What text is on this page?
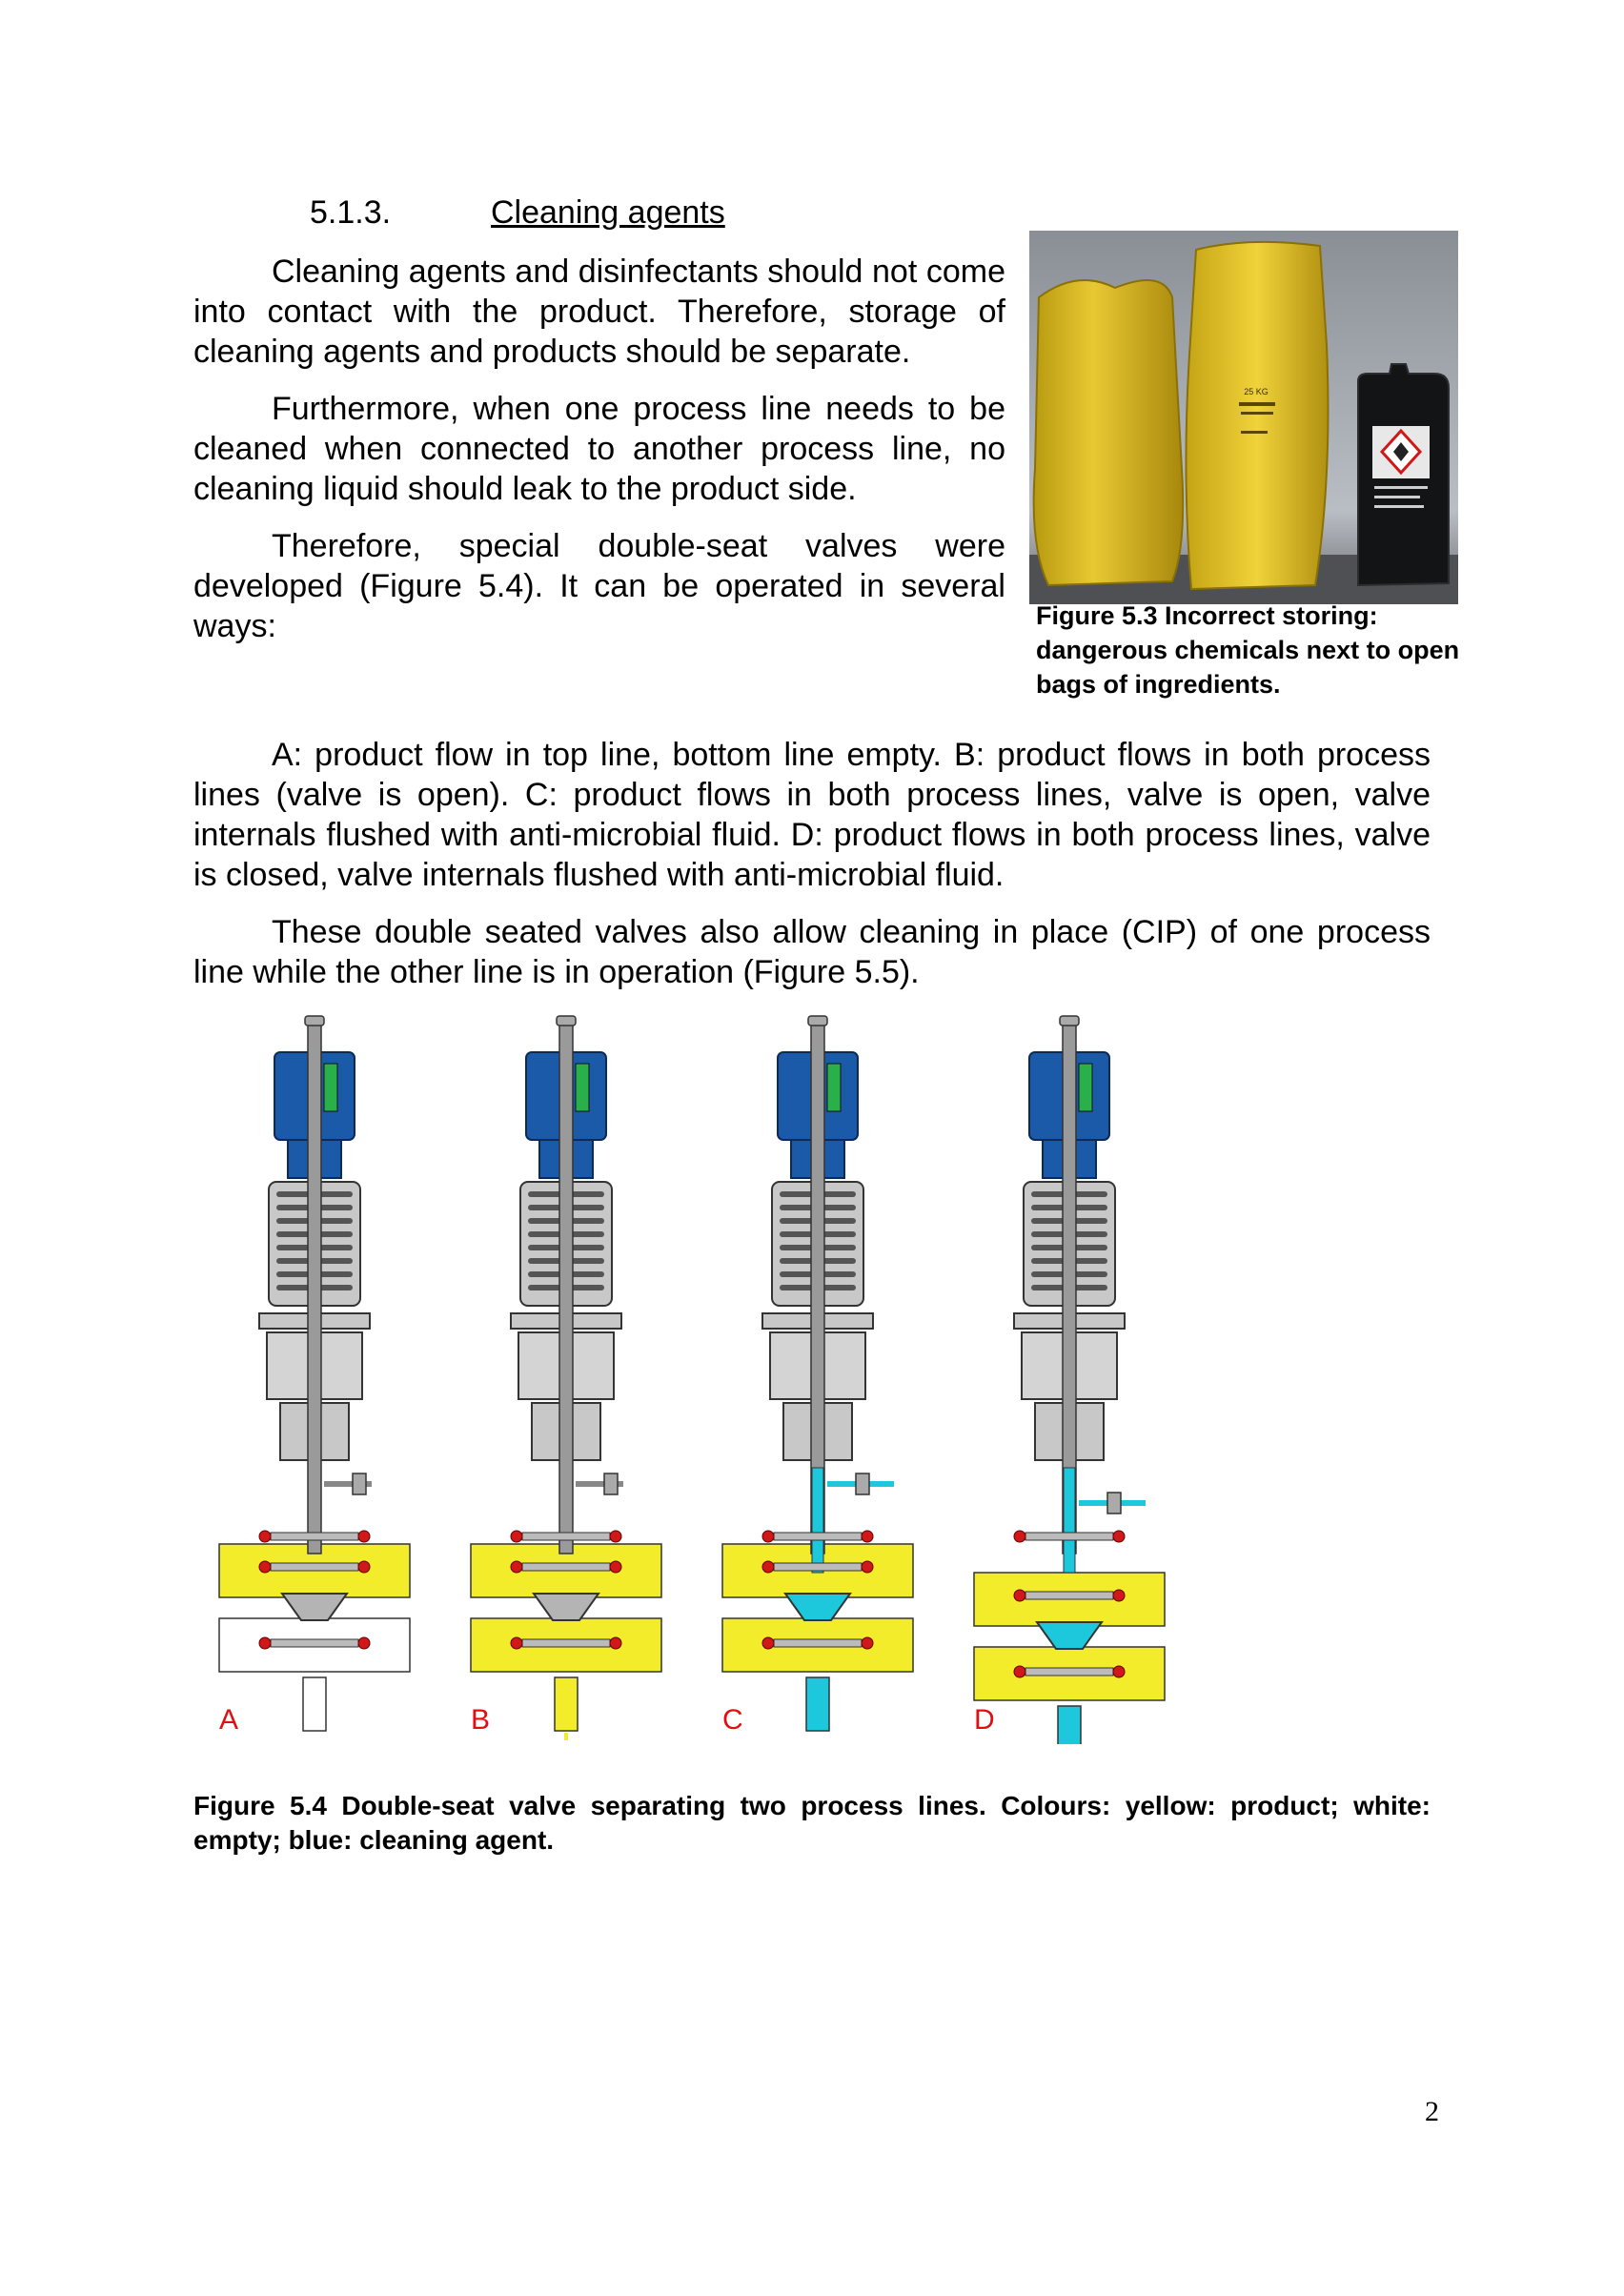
5.1.3.	Cleaning agents

Cleaning agents and disinfectants should not come into contact with the product. Therefore, storage of cleaning agents and products should be separate.

Furthermore, when one process line needs to be cleaned when connected to another process line, no cleaning liquid should leak to the product side.

Therefore, special double-seat valves were developed (Figure 5.4). It can be operated in several ways:

25 KG
Figure 5.3 Incorrect storing: dangerous chemicals next to open bags of ingredients.

A: product flow in top line, bottom line empty. B: product flows in both process lines (valve is open). C: product flows in both process lines, valve is open, valve internals flushed with anti-microbial fluid. D: product flows in both process lines, valve is closed, valve internals flushed with anti-microbial fluid.

These double seated valves also allow cleaning in place (CIP) of one process line while the other line is in operation (Figure 5.5).

A	B	C	D
Figure 5.4 Double-seat valve separating two process lines. Colours: yellow: product; white: empty; blue: cleaning agent.
2
